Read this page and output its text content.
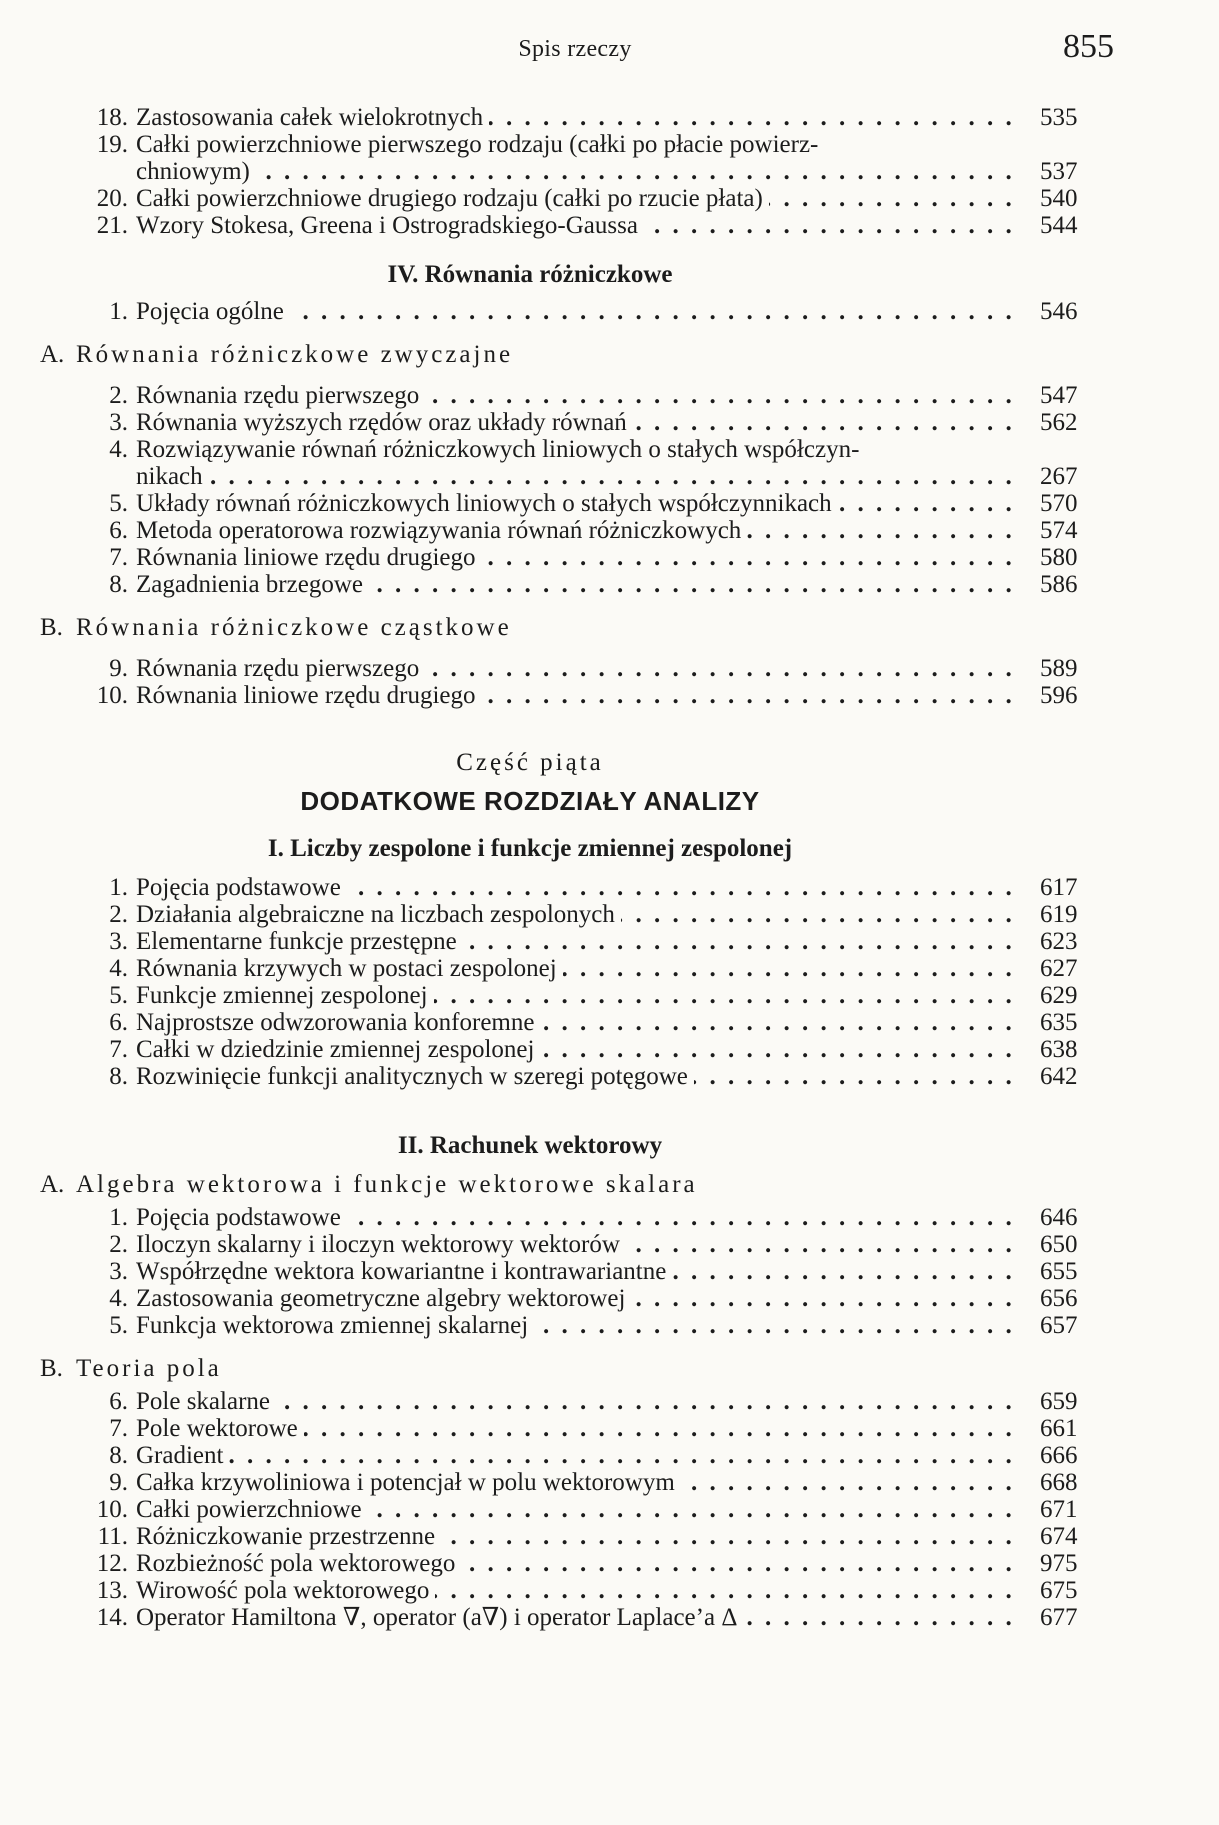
Spis rzeczy	855
18. Zastosowania całek wielokrotnych . . .	535
19. Całki powierzchniowe pierwszego rodzaju (całki po płacie powierz-
chniowym) . . .	537
20. Całki powierzchniowe drugiego rodzaju (całki po rzucie płata) . . .	540
21. Wzory Stokesa, Greena i Ostrogradskiego-Gaussa . . .	544
IV. Równania różniczkowe
1. Pojęcia ogólne . . .	546
A. Równania różniczkowe zwyczajne
2. Równania rzędu pierwszego . . .	547
3. Równania wyższych rzędów oraz układy równań . . .	562
4. Rozwiązywanie równań różniczkowych liniowych o stałych współczyn-
nikach . . .	267
5. Układy równań różniczkowych liniowych o stałych współczynnikach . . .	570
6. Metoda operatorowa rozwiązywania równań różniczkowych . . .	574
7. Równania liniowe rzędu drugiego . . .	580
8. Zagadnienia brzegowe . . .	586
B. Równania różniczkowe cząstkowe
9. Równania rzędu pierwszego . . .	589
10. Równania liniowe rzędu drugiego . . .	596
Część piąta
DODATKOWE ROZDZIAŁY ANALIZY
I. Liczby zespolone i funkcje zmiennej zespolonej
1. Pojęcia podstawowe . . .	617
2. Działania algebraiczne na liczbach zespolonych . . .	619
3. Elementarne funkcje przestępne . . .	623
4. Równania krzywych w postaci zespolonej . . .	627
5. Funkcje zmiennej zespolonej . . .	629
6. Najprostsze odwzorowania konforemne . . .	635
7. Całki w dziedzinie zmiennej zespolonej . . .	638
8. Rozwinięcie funkcji analitycznych w szeregi potęgowe . . .	642
II. Rachunek wektorowy
A. Algebra wektorowa i funkcje wektorowe skalara
1. Pojęcia podstawowe . . .	646
2. Iloczyn skalarny i iloczyn wektorowy wektorów . . .	650
3. Współrzędne wektora kowariantne i kontrawariantne . . .	655
4. Zastosowania geometryczne algebry wektorowej . . .	656
5. Funkcja wektorowa zmiennej skalarnej . . .	657
B. Teoria pola
6. Pole skalarne . . .	659
7. Pole wektorowe . . .	661
8. Gradient . . .	666
9. Całka krzywoliniowa i potencjał w polu wektorowym . . .	668
10. Całki powierzchniowe . . .	671
11. Różniczkowanie przestrzenne . . .	674
12. Rozbieżność pola wektorowego . . .	975
13. Wirowość pola wektorowego . . .	675
14. Operator Hamiltona ∇, operator (a∇) i operator Laplace’a Δ . . .	677
